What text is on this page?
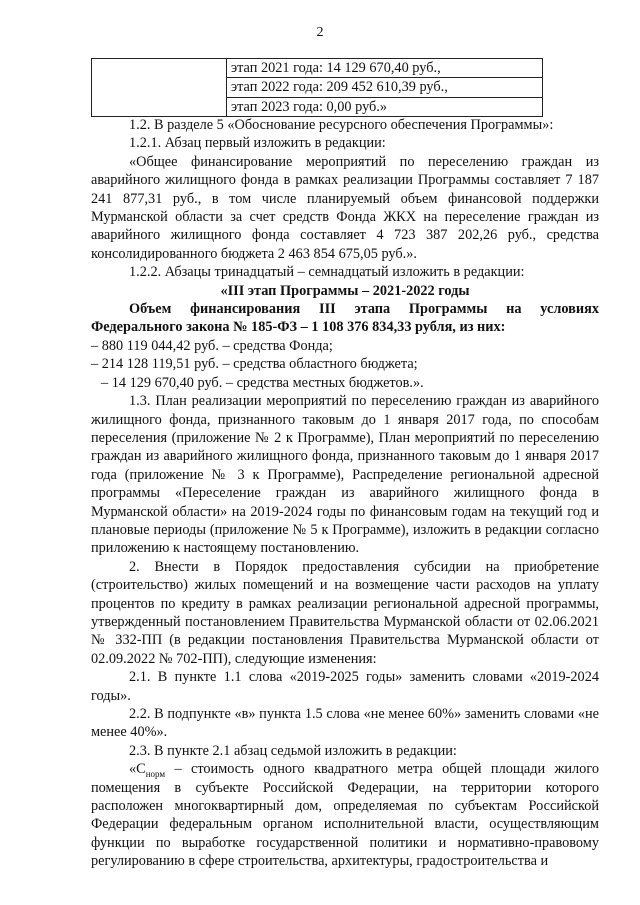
2
	этап 2021 года: 14 129 670,40 руб.,
этап 2022 года: 209 452 610,39 руб.,
этап 2023 года: 0,00 руб.»

1.2. В разделе 5 «Обоснование ресурсного обеспечения Программы»:

1.2.1. Абзац первый изложить в редакции:

«Общее финансирование мероприятий по переселению граждан из аварийного жилищного фонда в рамках реализации Программы составляет 7 187 241 877,31 руб., в том числе планируемый объем финансовой поддержки Мурманской области за счет средств Фонда ЖКХ на переселение граждан из аварийного жилищного фонда составляет 4 723 387 202,26 руб., средства консолидированного бюджета 2 463 854 675,05 руб.».

1.2.2. Абзацы тринадцатый – семнадцатый изложить в редакции:

«III этап Программы – 2021-2022 годы

Объем финансирования III этапа Программы на условиях Федерального закона № 185-ФЗ – 1 108 376 834,33 рубля, из них:

– 880 119 044,42 руб. – средства Фонда;

– 214 128 119,51 руб. – средства областного бюджета;

– 14 129 670,40 руб. – средства местных бюджетов.».

1.3. План реализации мероприятий по переселению граждан из аварийного жилищного фонда, признанного таковым до 1 января 2017 года, по способам переселения (приложение № 2 к Программе), План мероприятий по переселению граждан из аварийного жилищного фонда, признанного таковым до 1 января 2017 года (приложение № 3 к Программе), Распределение региональной адресной программы «Переселение граждан из аварийного жилищного фонда в Мурманской области» на 2019-2024 годы по финансовым годам на текущий год и плановые периоды (приложение № 5 к Программе), изложить в редакции согласно приложению к настоящему постановлению.

2. Внести в Порядок предоставления субсидии на приобретение (строительство) жилых помещений и на возмещение части расходов на уплату процентов по кредиту в рамках реализации региональной адресной программы, утвержденный постановлением Правительства Мурманской области от 02.06.2021 № 332-ПП (в редакции постановления Правительства Мурманской области от 02.09.2022 № 702-ПП), следующие изменения:

2.1. В пункте 1.1 слова «2019-2025 годы» заменить словами «2019-2024 годы».

2.2. В подпункте «в» пункта 1.5 слова «не менее 60%» заменить словами «не менее 40%».

2.3. В пункте 2.1 абзац седьмой изложить в редакции:

«$С_{норм}$ – стоимость одного квадратного метра общей площади жилого помещения в субъекте Российской Федерации, на территории которого расположен многоквартирный дом, определяемая по субъектам Российской Федерации федеральным органом исполнительной власти, осуществляющим функции по выработке государственной политики и нормативно-правовому регулированию в сфере строительства, архитектуры, градостроительства и
